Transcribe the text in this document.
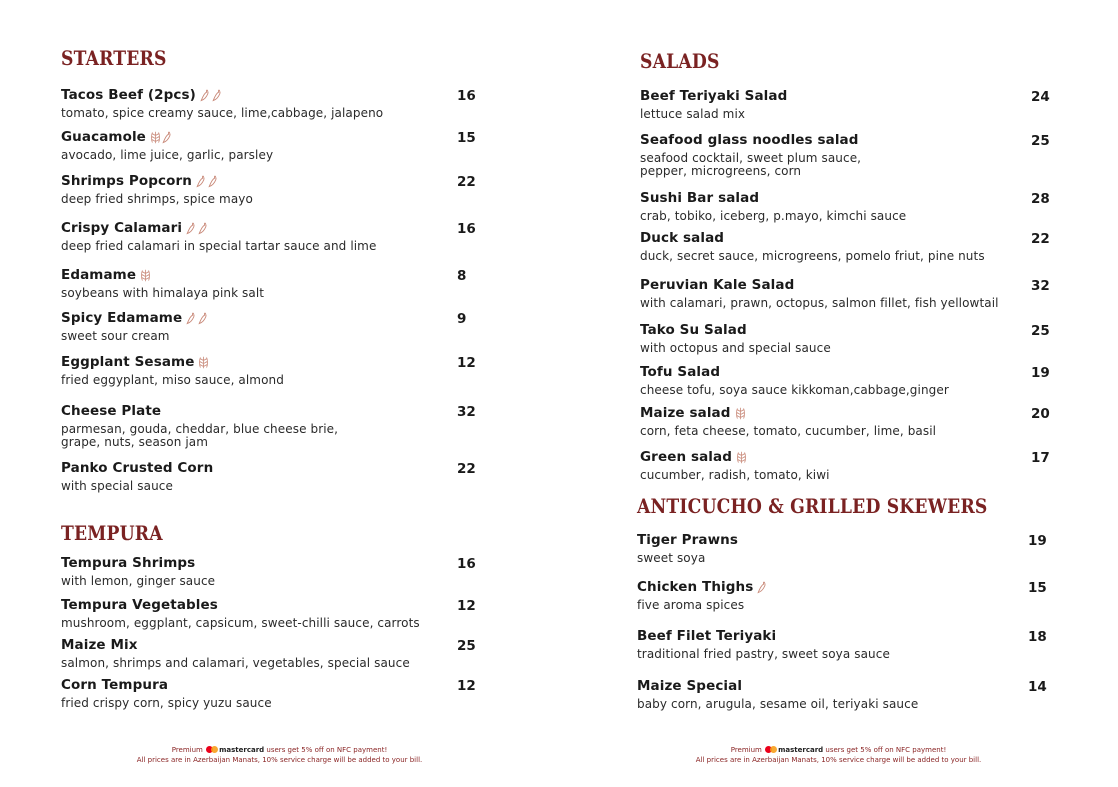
STARTERS
TEMPURA
Premium mastercard users get 5% off on NFC payment!
All prices are in Azerbaijan Manats, 10% service charge will be added to your bill.
Tacos Beef (2pcs)
tomato, spice creamy sauce, lime,cabbage, jalapeno
16
Guacamole
avocado, lime juice, garlic, parsley
15
Shrimps Popcorn
deep fried shrimps, spice mayo
22
Crispy Calamari
deep fried calamari in special tartar sauce and lime
16
Edamame
soybeans with himalaya pink salt
8
Spicy Edamame
sweet sour cream
9
Eggplant Sesame
fried eggyplant, miso sauce, almond
12
Cheese Plate
parmesan, gouda, cheddar, blue cheese brie,
grape, nuts, season jam
32
Panko Crusted Corn
with special sauce
22
Tempura Shrimps
with lemon, ginger sauce
16
Tempura Vegetables
mushroom, eggplant, capsicum, sweet-chilli sauce, carrots
12
Maize Mix
salmon, shrimps and calamari, vegetables, special sauce
25
Corn Tempura
fried crispy corn, spicy yuzu sauce
12
SALADS
ANTICUCHO & GRILLED SKEWERS
Premium mastercard users get 5% off on NFC payment!
All prices are in Azerbaijan Manats, 10% service charge will be added to your bill.
Beef Teriyaki Salad
lettuce salad mix
24
Seafood glass noodles salad
seafood cocktail, sweet plum sauce,
pepper, microgreens, corn
25
Sushi Bar salad
crab, tobiko, iceberg, p.mayo, kimchi sauce
28
Duck salad
duck, secret sauce, microgreens, pomelo friut, pine nuts
22
Peruvian Kale Salad
with calamari, prawn, octopus, salmon fillet, fish yellowtail
32
Tako Su Salad
with octopus and special sauce
25
Tofu Salad
cheese tofu, soya sauce kikkoman,cabbage,ginger
19
Maize salad
corn, feta cheese, tomato, cucumber, lime, basil
20
Green salad
cucumber, radish, tomato, kiwi
17
Tiger Prawns
sweet soya
19
Chicken Thighs
five aroma spices
15
Beef Filet Teriyaki
traditional fried pastry, sweet soya sauce
18
Maize Special
baby corn, arugula, sesame oil, teriyaki sauce
14
